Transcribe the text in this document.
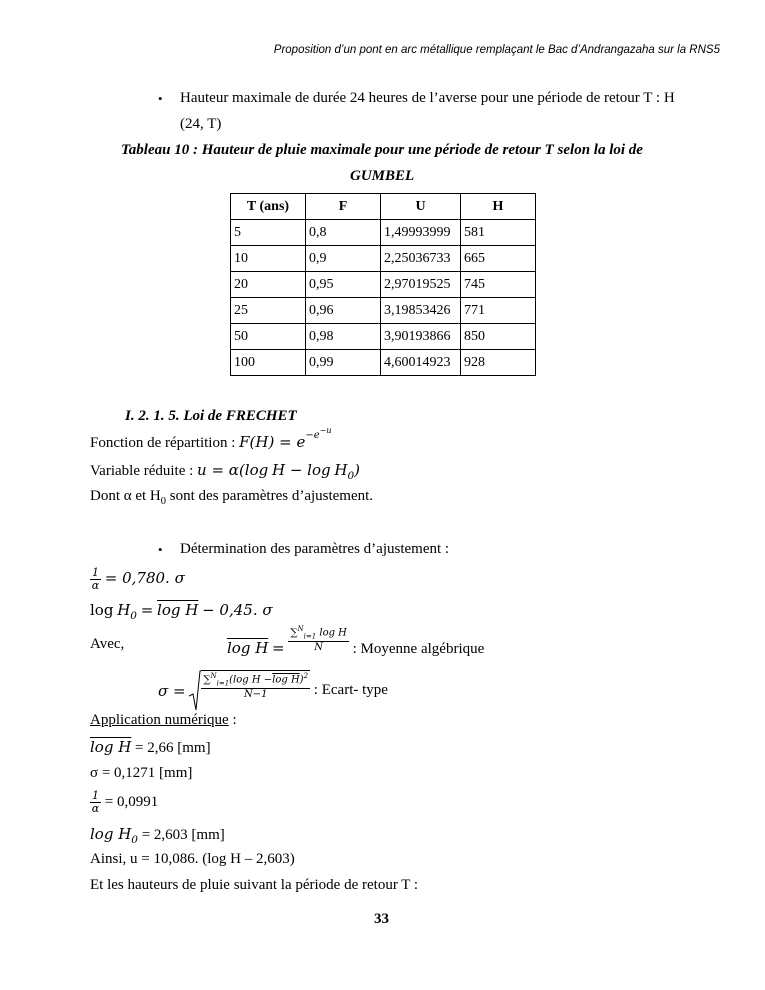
Proposition d’un pont en arc métallique remplaçant le Bac d’Andrangazaha sur la RNS5
• Hauteur maximale de durée 24 heures de l’averse pour une période de retour T : H
(24, T)
Tableau 10 : Hauteur de pluie maximale pour une période de retour T selon la loi de
GUMBEL
T (ans)	F	U	H
5	0,8	1,49993999	581
10	0,9	2,25036733	665
20	0,95	2,97019525	745
25	0,96	3,19853426	771
50	0,98	3,90193866	850
100	0,99	4,60014923	928
I. 2. 1. 5. Loi de FRECHET
Fonction de répartition : $F(H) = e^{-e-u}$
Variable réduite : u = α(log $H - \log H_0$)
Dont α et $H_0$ sont des paramètres d’ajustement.
• Détermination des paramètres d’ajustement :
$\frac{1}{\alpha} = 0,780$. σ
$\log H_0 = \log H - 0,45$. σ
Avec,	$\log H = \frac{\sum^N_{i=1} \log H}{N}$ : Moyenne algébrique
$\sigma = \frac{\sum^N_{i=1}(\log H -\log H)^2}{N-1}$ : Ecart- type
Application numérique :
log H = 2,66 [mm]
σ = 0,1271 [mm]
$\frac{1}{\alpha} = 0,0991$
$\log H_0 = 2,603$ [mm]
Ainsi, u = 10,086. (log H – 2,603)
Et les hauteurs de pluie suivant la période de retour T :
33
